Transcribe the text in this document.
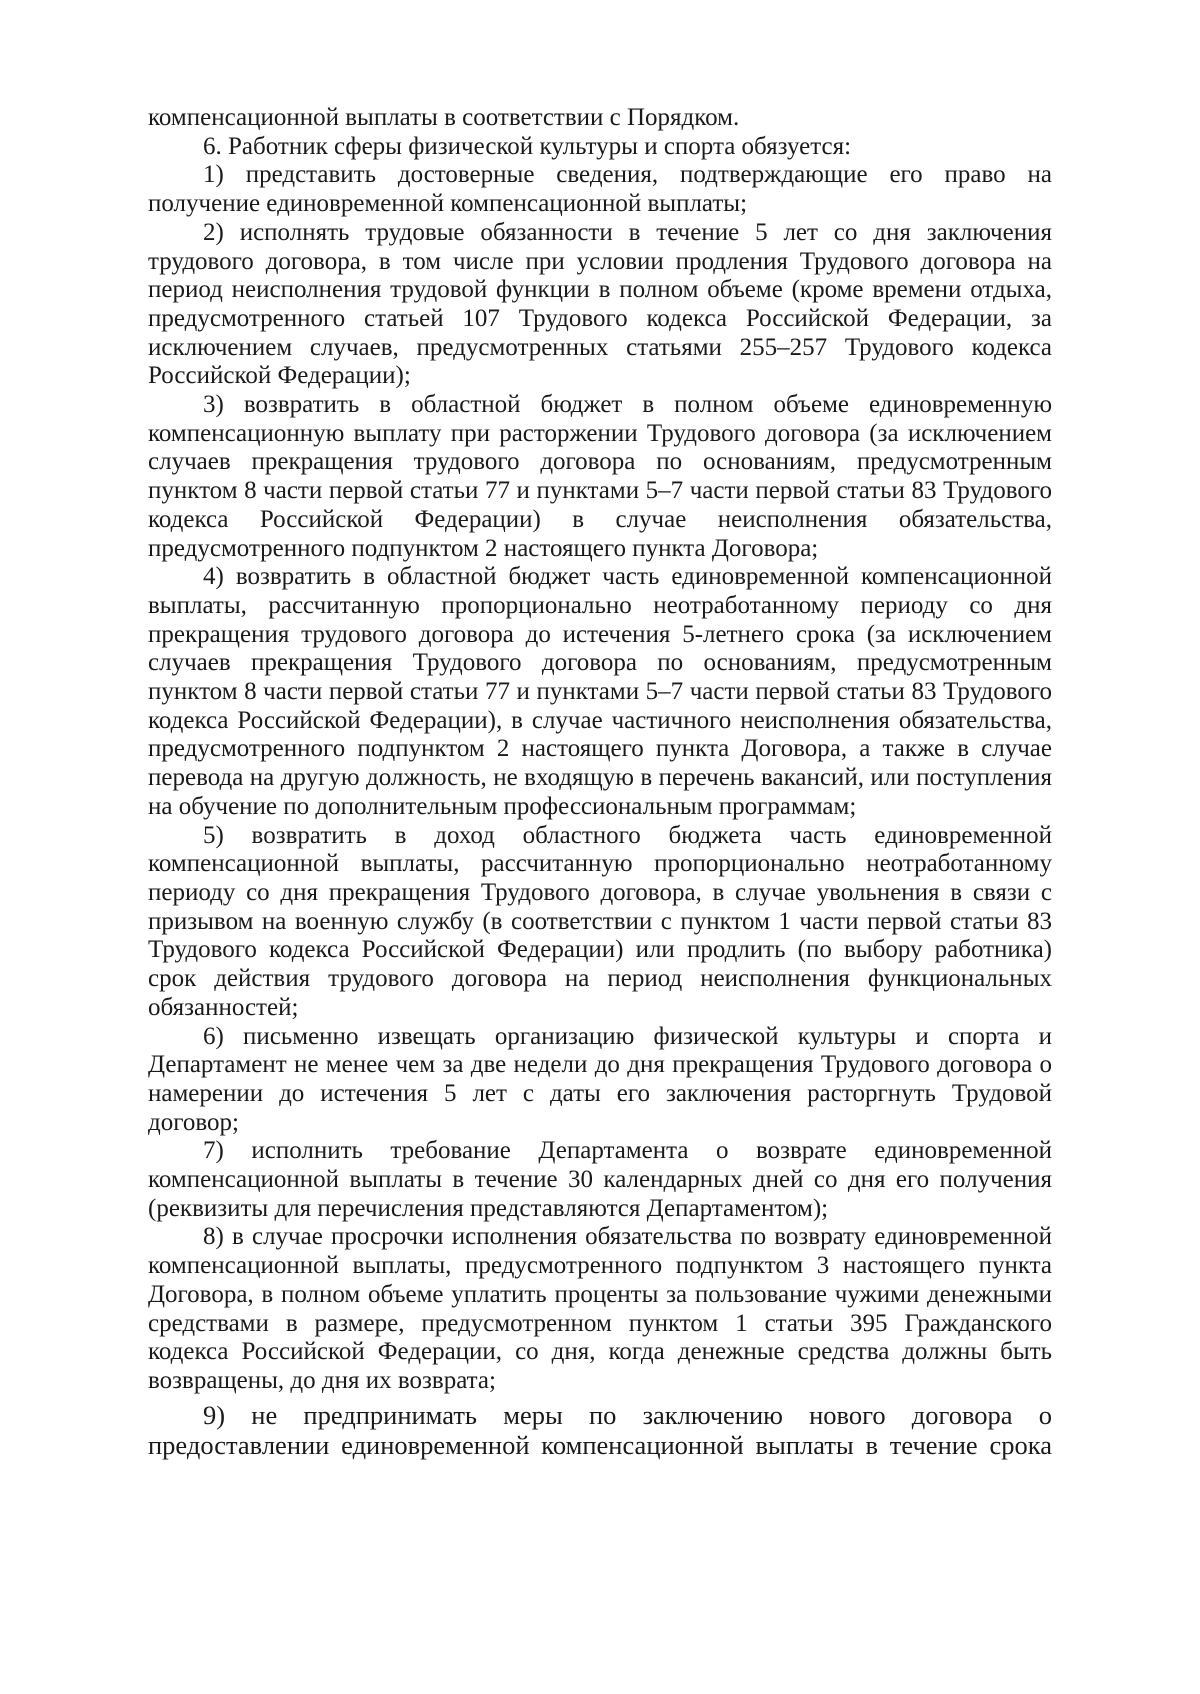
компенсационной выплаты в соответствии с Порядком.

6. Работник сферы физической культуры и спорта обязуется:

1) представить достоверные сведения, подтверждающие его право на получение единовременной компенсационной выплаты;

2) исполнять трудовые обязанности в течение 5 лет со дня заключения трудового договора, в том числе при условии продления Трудового договора на период неисполнения трудовой функции в полном объеме (кроме времени отдыха, предусмотренного статьей 107 Трудового кодекса Российской Федерации, за исключением случаев, предусмотренных статьями 255–257 Трудового кодекса Российской Федерации);

3) возвратить в областной бюджет в полном объеме единовременную компенсационную выплату при расторжении Трудового договора (за исключением случаев прекращения трудового договора по основаниям, предусмотренным пунктом 8 части первой статьи 77 и пунктами 5–7 части первой статьи 83 Трудового кодекса Российской Федерации) в случае неисполнения обязательства, предусмотренного подпунктом 2 настоящего пункта Договора;

4) возвратить в областной бюджет часть единовременной компенсационной выплаты, рассчитанную пропорционально неотработанному периоду со дня прекращения трудового договора до истечения 5-летнего срока (за исключением случаев прекращения Трудового договора по основаниям, предусмотренным пунктом 8 части первой статьи 77 и пунктами 5–7 части первой статьи 83 Трудового кодекса Российской Федерации), в случае частичного неисполнения обязательства, предусмотренного подпунктом 2 настоящего пункта Договора, а также в случае перевода на другую должность, не входящую в перечень вакансий, или поступления на обучение по дополнительным профессиональным программам;

5) возвратить в доход областного бюджета часть единовременной компенсационной выплаты, рассчитанную пропорционально неотработанному периоду со дня прекращения Трудового договора, в случае увольнения в связи с призывом на военную службу (в соответствии с пунктом 1 части первой статьи 83 Трудового кодекса Российской Федерации) или продлить (по выбору работника) срок действия трудового договора на период неисполнения функциональных обязанностей;

6) письменно извещать организацию физической культуры и спорта и Департамент не менее чем за две недели до дня прекращения Трудового договора о намерении до истечения 5 лет с даты его заключения расторгнуть Трудовой договор;

7) исполнить требование Департамента о возврате единовременной компенсационной выплаты в течение 30 календарных дней со дня его получения (реквизиты для перечисления представляются Департаментом);

8) в случае просрочки исполнения обязательства по возврату единовременной компенсационной выплаты, предусмотренного подпунктом 3 настоящего пункта Договора, в полном объеме уплатить проценты за пользование чужими денежными средствами в размере, предусмотренном пунктом 1 статьи 395 Гражданского кодекса Российской Федерации, со дня, когда денежные средства должны быть возвращены, до дня их возврата;

9) не предпринимать меры по заключению нового договора о предоставлении единовременной компенсационной выплаты в течение срока
